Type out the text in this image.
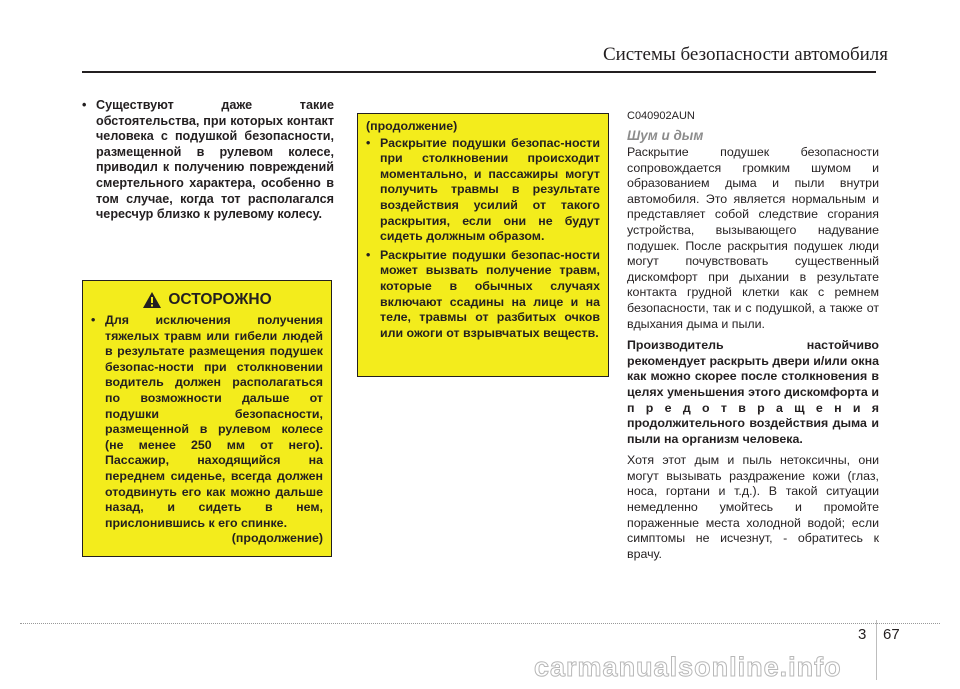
Системы безопасности автомобиля
• Существуют даже такие обстоятельства, при которых контакт человека с подушкой безопасности, размещенной в рулевом колесе, приводил к получению повреждений смертельного характера, особенно в том случае, когда тот располагался чересчур близко к рулевому колесу.
ОСТОРОЖНО
• Для исключения получения тяжелых травм или гибели людей в результате размещения подушек безопас-ности при столкновении водитель должен располагаться по возможности дальше от подушки безопасности, размещенной в рулевом колесе (не менее 250 мм от него). Пассажир, находящийся на переднем сиденье, всегда должен отодвинуть его как можно дальше назад, и сидеть в нем, прислонившись к его спинке.
(продолжение)
(продолжение)
• Раскрытие подушки безопас-ности при столкновении происходит моментально, и пассажиры могут получить травмы в результате воздействия усилий от такого раскрытия, если они не будут сидеть должным образом.
• Раскрытие подушки безопас-ности может вызвать получение травм, которые в обычных случаях включают ссадины на лице и на теле, травмы от разбитых очков или ожоги от взрывчатых веществ.
C040902AUN
Шум и дым
Раскрытие подушек безопасности сопровождается громким шумом и образованием дыма и пыли внутри автомобиля. Это является нормальным и представляет собой следствие сгорания устройства, вызывающего надувание подушек. После раскрытия подушек люди могут почувствовать существенный дискомфорт при дыхании в результате контакта грудной клетки как с ремнем безопасности, так и с подушкой, а также от вдыхания дыма и пыли.
Производитель настойчиво рекомендует раскрыть двери и/или окна как можно скорее после столкновения в целях уменьшения этого дискомфорта и п р е д о т в р а щ е н и я продолжительного воздействия дыма и пыли на организм человека.
Хотя этот дым и пыль нетоксичны, они могут вызывать раздражение кожи (глаз, носа, гортани и т.д.). В такой ситуации немедленно умойтесь и промойте пораженные места холодной водой; если симптомы не исчезнут, - обратитесь к врачу.
3 67
carmanualsonline.info
